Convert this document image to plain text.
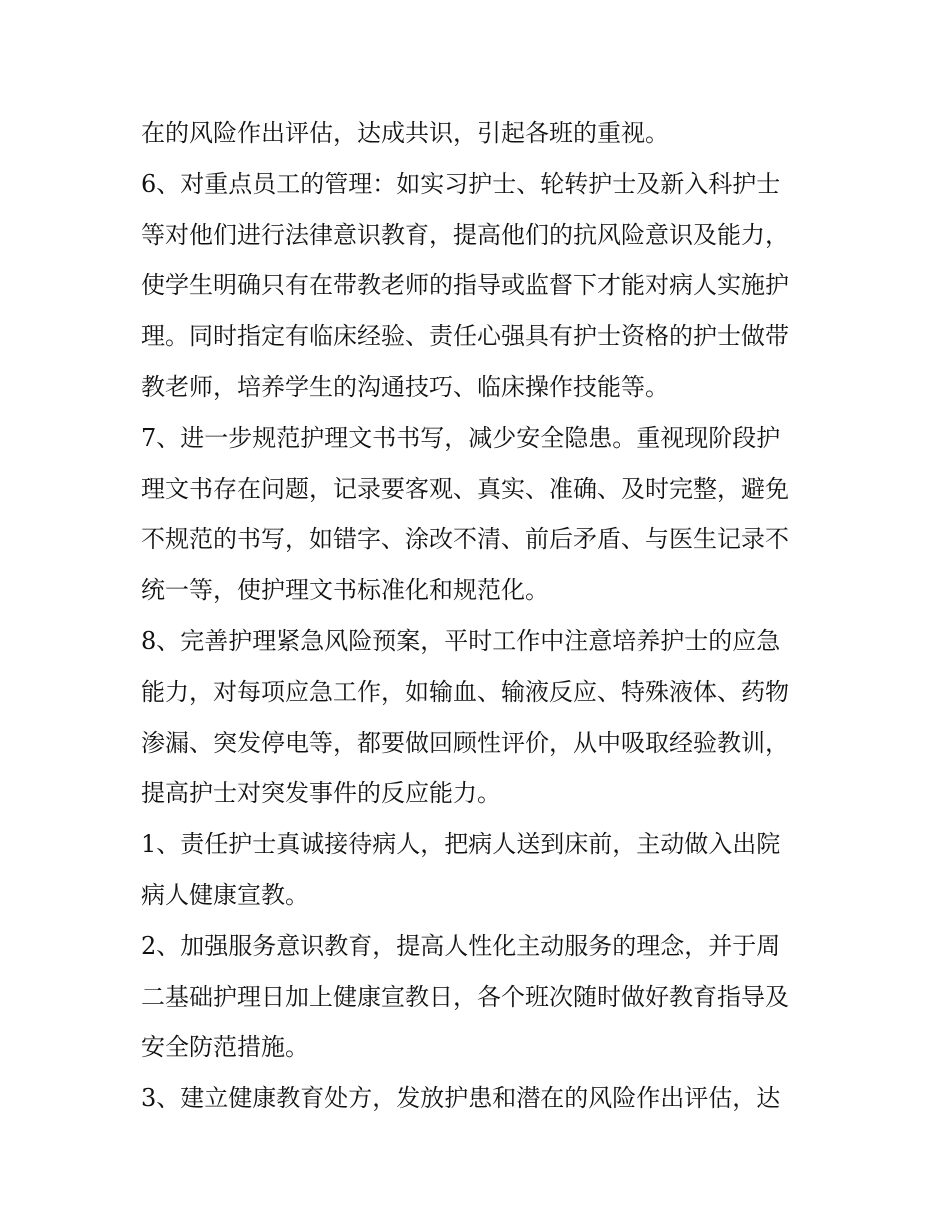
在的风险作出评估，达成共识，引起各班的重视。
6、对重点员工的管理：如实习护士、轮转护士及新入科护士
等对他们进行法律意识教育，提高他们的抗风险意识及能力，
使学生明确只有在带教老师的指导或监督下才能对病人实施护
理。同时指定有临床经验、责任心强具有护士资格的护士做带
教老师，培养学生的沟通技巧、临床操作技能等。
7、进一步规范护理文书书写，减少安全隐患。重视现阶段护
理文书存在问题，记录要客观、真实、准确、及时完整，避免
不规范的书写，如错字、涂改不清、前后矛盾、与医生记录不
统一等，使护理文书标准化和规范化。
8、完善护理紧急风险预案，平时工作中注意培养护士的应急
能力，对每项应急工作，如输血、输液反应、特殊液体、药物
渗漏、突发停电等，都要做回顾性评价，从中吸取经验教训，
提高护士对突发事件的反应能力。
1、责任护士真诚接待病人，把病人送到床前，主动做入出院
病人健康宣教。
2、加强服务意识教育，提高人性化主动服务的理念，并于周
二基础护理日加上健康宣教日，各个班次随时做好教育指导及
安全防范措施。
3、建立健康教育处方，发放护患和潜在的风险作出评估，达
